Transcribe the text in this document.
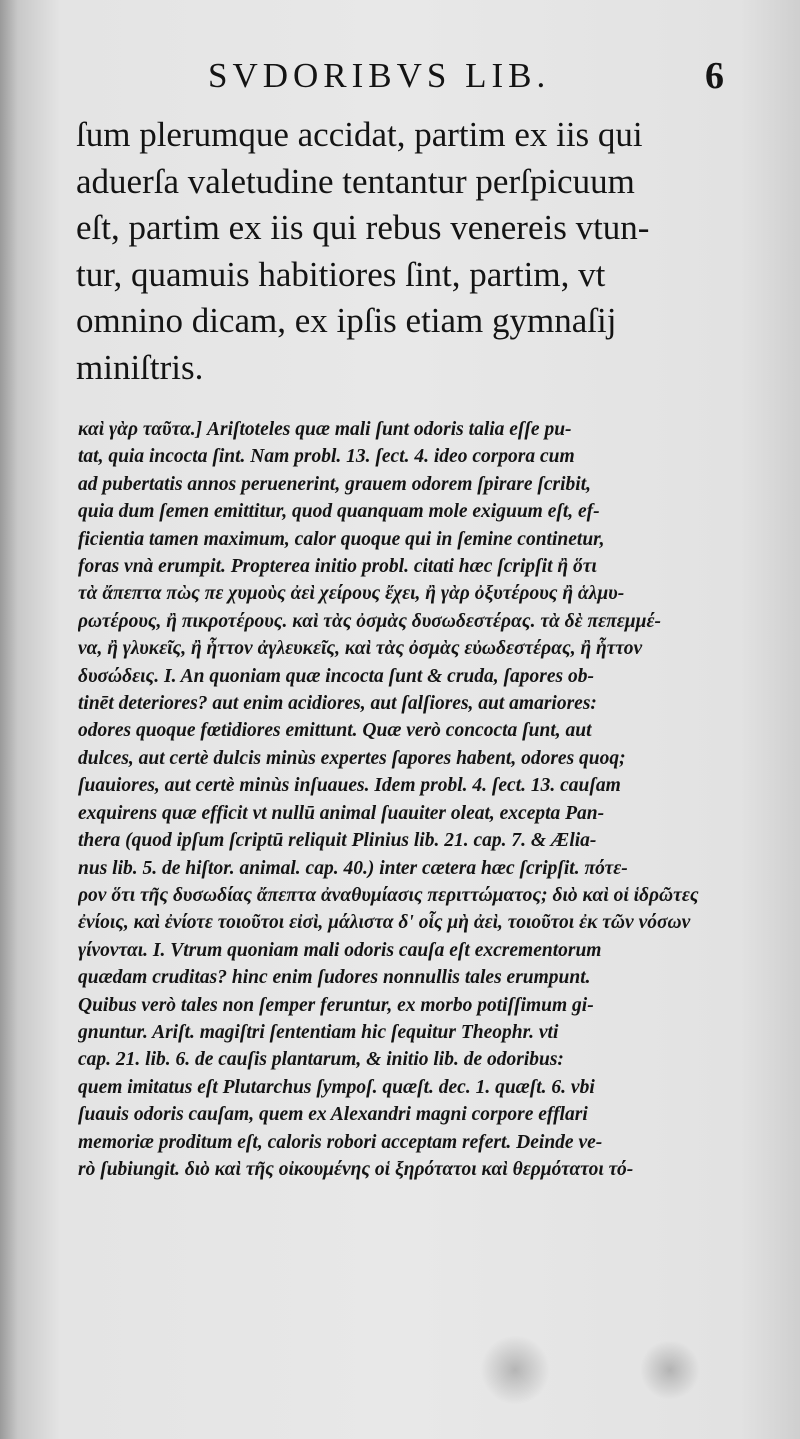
SVDORIBVS LIB.	6
ſum plerumque accidat, partim ex iis qui
aduerſa valetudine tentantur perſpicuum
eſt, partim ex iis qui rebus venereis vtun-
tur, quamuis habitiores ſint, partim, vt
omnino dicam, ex ipſis etiam gymnaſij
miniſtris.
καὶ γὰρ ταῦτα.] Ariſtoteles quæ mali ſunt odoris talia eſſe pu-
tat, quia incocta ſint. Nam probl. 13. ſect. 4. ideo corpora cum
ad pubertatis annos peruenerint, grauem odorem ſpirare ſcribit,
quia dum ſemen emittitur, quod quanquam mole exiguum eſt, ef-
ficientia tamen maximum, calor quoque qui in ſemine continetur,
foras vnà erumpit. Propterea initio probl. citati hæc ſcripſit ἢ ὅτι
τὰ ἄπεπτα πὼς πε χυμοὺς ἀεὶ χείρους ἔχει, ἢ γὰρ ὀξυτέρους ἢ ἁλμυ-
ρωτέρους, ἢ πικροτέρους. καὶ τὰς ὀσμὰς δυσωδεστέρας. τὰ δὲ πεπεμμέ-
να, ἢ γλυκεῖς, ἢ ἧττον ἀγλευκεῖς, καὶ τὰς ὀσμὰς εὐωδεστέρας, ἢ ἧττον
δυσώδεις. I. An quoniam quæ incocta ſunt & cruda, ſapores ob-
tinēt deteriores? aut enim acidiores, aut ſalſiores, aut amariores:
odores quoque fœtidiores emittunt. Quæ verò concocta ſunt, aut
dulces, aut certè dulcis minùs expertes ſapores habent, odores quoq;
ſuauiores, aut certè minùs inſuaues. Idem probl. 4. ſect. 13. cauſam
exquirens quæ efficit vt nullū animal ſuauiter oleat, excepta Pan-
thera (quod ipſum ſcriptū reliquit Plinius lib. 21. cap. 7. & Ælia-
nus lib. 5. de hiſtor. animal. cap. 40.) inter cætera hæc ſcripſit. πότε-
ρον ὅτι τῆς δυσωδίας ἄπεπτα ἀναθυμίασις περιττώματος; διὸ καὶ οἱ ἱδρῶτες
ἐνίοις, καὶ ἐνίοτε τοιοῦτοι εἰσὶ, μάλιστα δ' οἷς μὴ ἀεὶ, τοιοῦτοι ἐκ τῶν νόσων
γίνονται. I. Vtrum quoniam mali odoris cauſa eſt excrementorum
quædam cruditas? hinc enim ſudores nonnullis tales erumpunt.
Quibus verò tales non ſemper feruntur, ex morbo potiſſimum gi-
gnuntur. Ariſt. magiſtri ſententiam hic ſequitur Theophr. vti
cap. 21. lib. 6. de cauſis plantarum, & initio lib. de odoribus:
quem imitatus eſt Plutarchus ſympoſ. quæſt. dec. 1. quæſt. 6. vbi
ſuauis odoris cauſam, quem ex Alexandri magni corpore efflari
memoriæ proditum eſt, caloris robori acceptam refert. Deinde ve-
rò ſubiungit. διὸ καὶ τῆς οἰκουμένης οἱ ξηρότατοι καὶ θερμότατοι τό-
